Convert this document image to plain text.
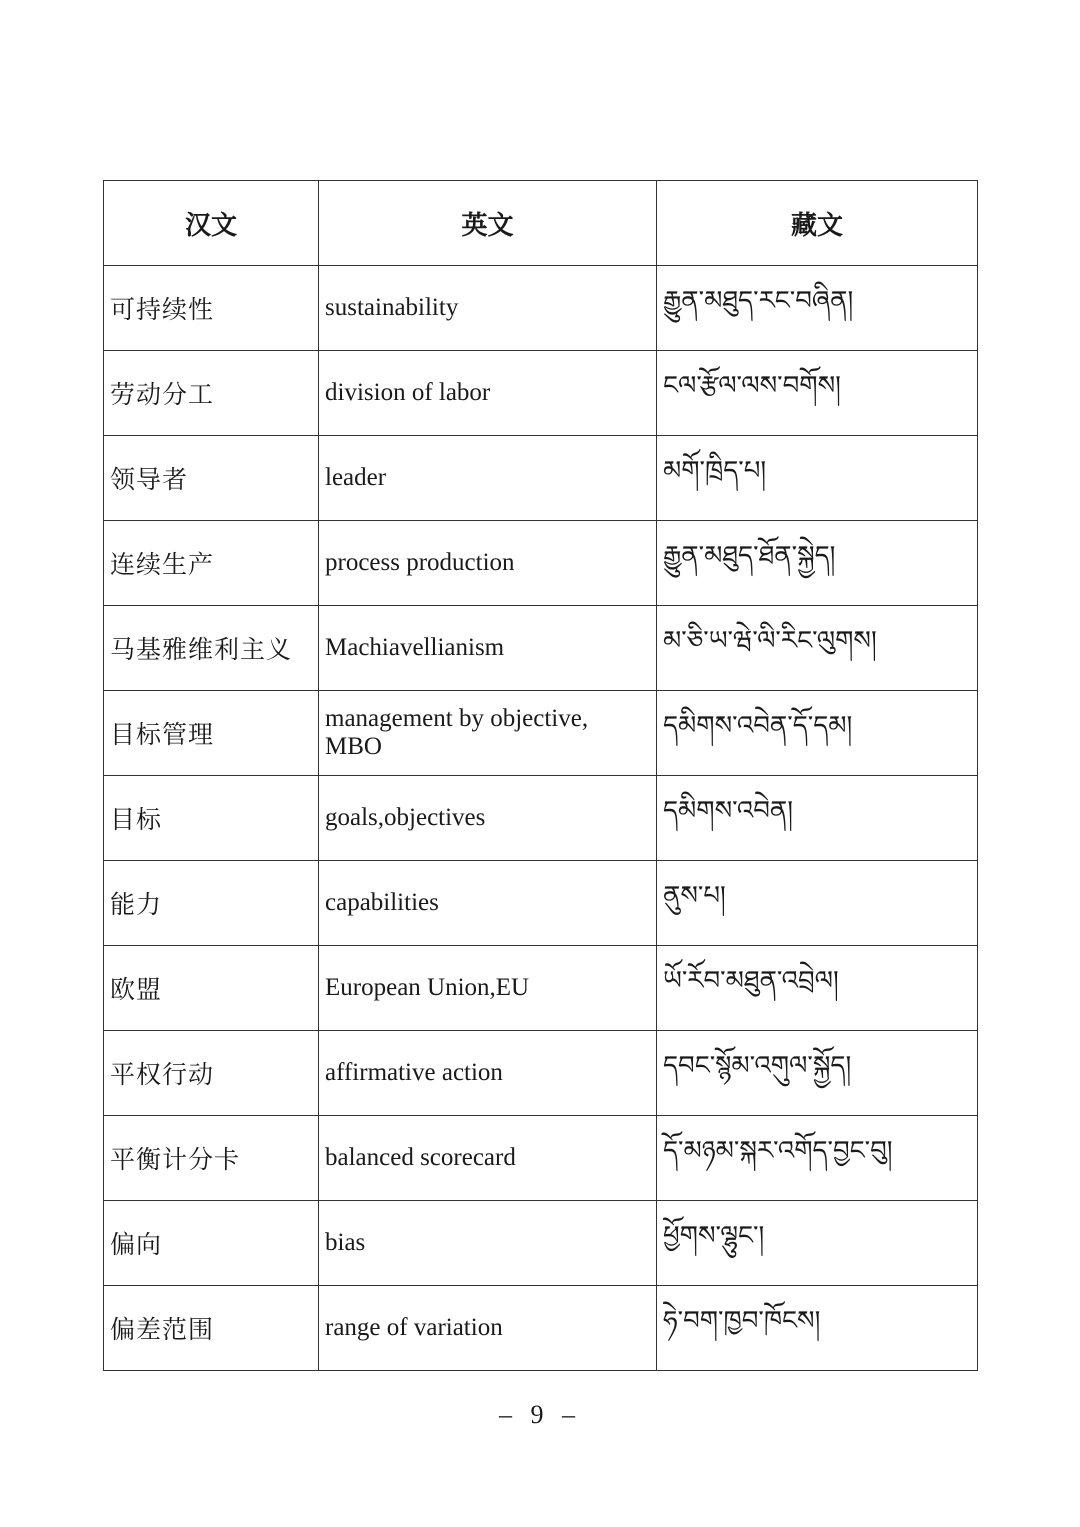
汉文	英文	藏文
可持续性	sustainability	རྒྱུན་མཐུད་རང་བཞིན།
劳动分工	division of labor	ངལ་རྩོལ་ལས་བགོས།
领导者	leader	མགོ་ཁྲིད་པ།
连续生产	process production	རྒྱུན་མཐུད་ཐོན་སྐྱེད།
马基雅维利主义	Machiavellianism	མ་ཅི་ཡ་ཝེ་ལི་རིང་ལུགས།
目标管理	management by objective, MBO	དམིགས་འབེན་དོ་དམ།
目标	goals,objectives	དམིགས་འབེན།
能力	capabilities	ནུས་པ།
欧盟	European Union,EU	ཡོ་རོབ་མཐུན་འབྲེལ།
平权行动	affirmative action	དབང་སྙོམ་འགུལ་སྐྱོད།
平衡计分卡	balanced scorecard	དོ་མཉམ་སྐར་འགོད་བྱང་བུ།
偏向	bias	ཕྱོགས་ལྷུང་།
偏差范围	range of variation	ཧེ་བག་ཁྱབ་ཁོངས།
– 9 –
